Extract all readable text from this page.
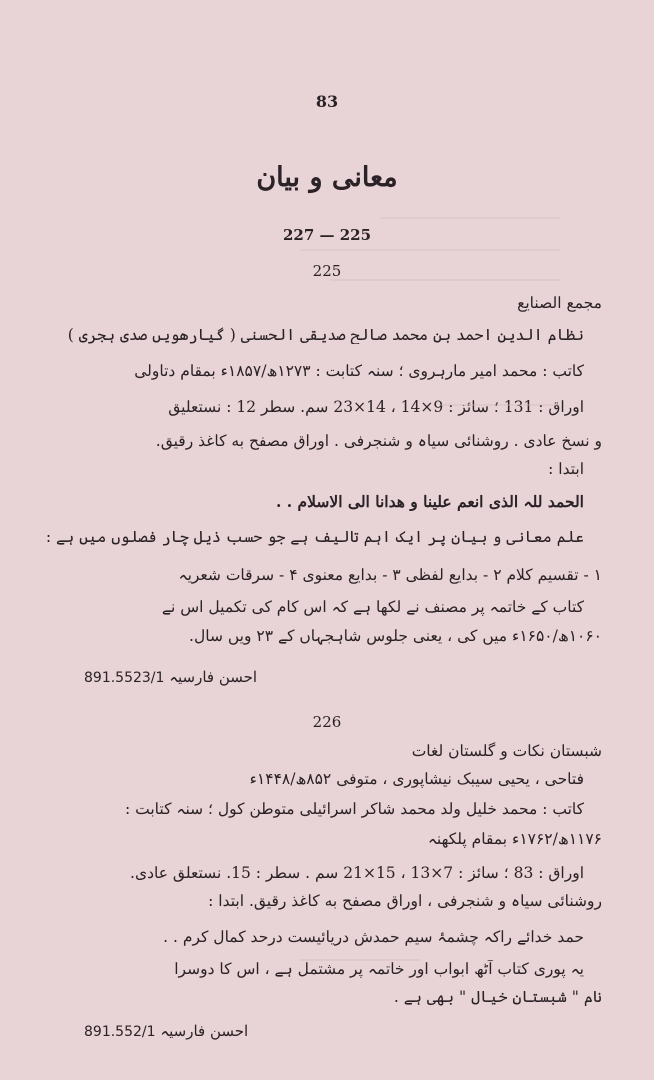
83
معانی و بیان
227 — 225
225
مجمع الصنایع
نظام الدین احمد بن محمد صالح صدیقی الحسنی ( گیارھویں صدی ہجری )
کاتب : محمد امیر مارہروی ؛ سنہ کتابت : ۱۲۷۳ھ/۱۸۵۷ء بمقام دتاولی
اوراق : 131 ؛ سائز : 9×14 ، 14×23 سم. سطر 12 : نستعلیق
و نسخ عادی . روشنائی سیاہ و شنجرفی . اوراق مصفح به کاغذ رقیق.
ابتدا :
الحمد للہ الذی انعم علینا و ھدانا الی الاسلام . .
علم معانی و بیان پر ایک اہم تالیف ہے جو حسب ذیل چار فصلوں میں ہے :
۱ - تقسیم کلام ۲ - بدایع لفظی ۳ - بدایع معنوی ۴ - سرقات شعریہ
کتاب کے خاتمہ پر مصنف نے لکھا ہے کہ اس کام کی تکمیل اس نے
۱۰۶۰ھ/۱۶۵۰ء میں کی ، یعنی جلوس شاہجہاں کے ۲۳ ویں سال.
891.5523/1 احسن فارسیہ
226
شبستان نکات و گلستان لغات
فتاحی ، یحیی سیبک نیشاپوری ، متوفی ۸۵۲ھ/۱۴۴۸ء
کاتب : محمد خلیل ولد محمد شاکر اسرائیلی متوطن کول ؛ سنہ کتابت :
۱۱۷۶ھ/۱۷۶۲ء بمقام پلکھنہ
اوراق : 83 ؛ سائز : 7×13 ، 15×21 سم . سطر : 15. نستعلق عادی.
روشنائی سیاہ و شنجرفی ، اوراق مصفح به کاغذ رقیق. ابتدا :
حمد خدائے راکہ چشمۂ سیم حمدش دریائیست درحد کمال کرم . .
یہ پوری کتاب آٹھ ابواب اور خاتمہ پر مشتمل ہے ، اس کا دوسرا
نام " شبستان خیال " بھی ہے .
891.552/1 احسن فارسیہ
